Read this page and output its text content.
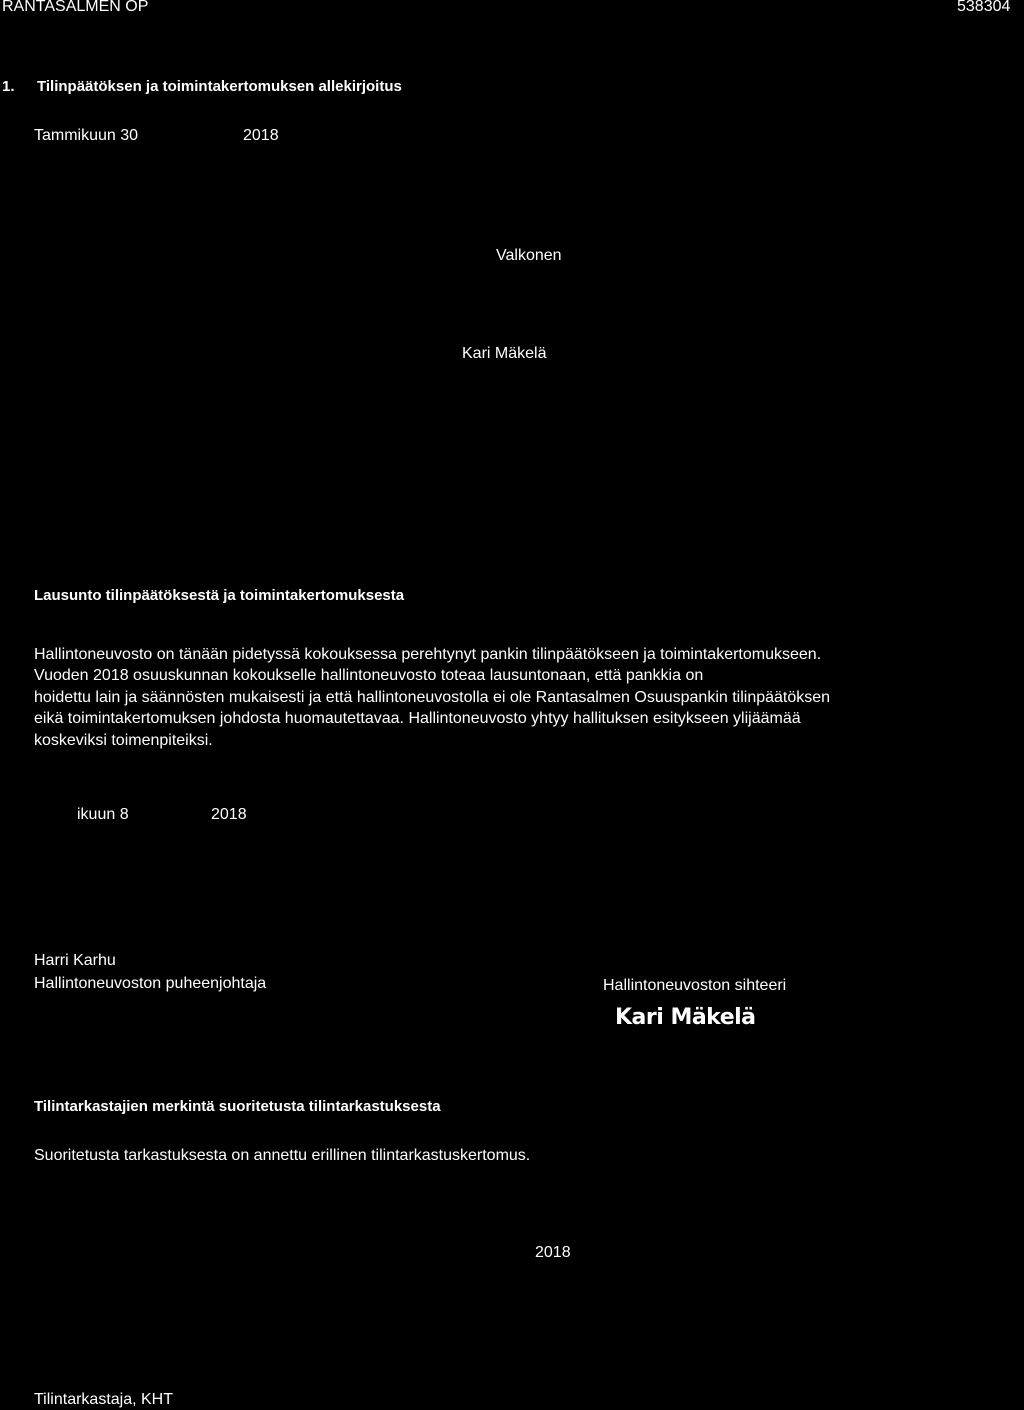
RANTASALMEN OP	538304
1. Tilinpäätöksen ja toimintakertomuksen allekirjoitus
Tammikuun 30	2018
Valkonen
Kari Mäkelä
Lausunto tilinpäätöksestä ja toimintakertomuksesta
Hallintoneuvosto on tänään pidetyssä kokouksessa perehtynyt pankin tilinpäätökseen ja toimintakertomukseen.
Vuoden 2018 osuuskunnan kokoukselle hallintoneuvosto toteaa lausuntonaan, että pankkia on
hoidettu lain ja säännösten mukaisesti ja että hallintoneuvostolla ei ole Rantasalmen Osuuspankin tilinpäätöksen
eikä toimintakertomuksen johdosta huomautettavaa. Hallintoneuvosto yhtyy hallituksen esitykseen ylijäämää
koskeviksi toimenpiteiksi.
ikuun 8	2018
Harri Karhu
Hallintoneuvoston puheenjohtaja	Hallintoneuvoston sihteeri
Kari Mäkelä
Tilintarkastajien merkintä suoritetusta tilintarkastuksesta
Suoritetusta tarkastuksesta on annettu erillinen tilintarkastuskertomus.
2018
Tilintarkastaja, KHT
